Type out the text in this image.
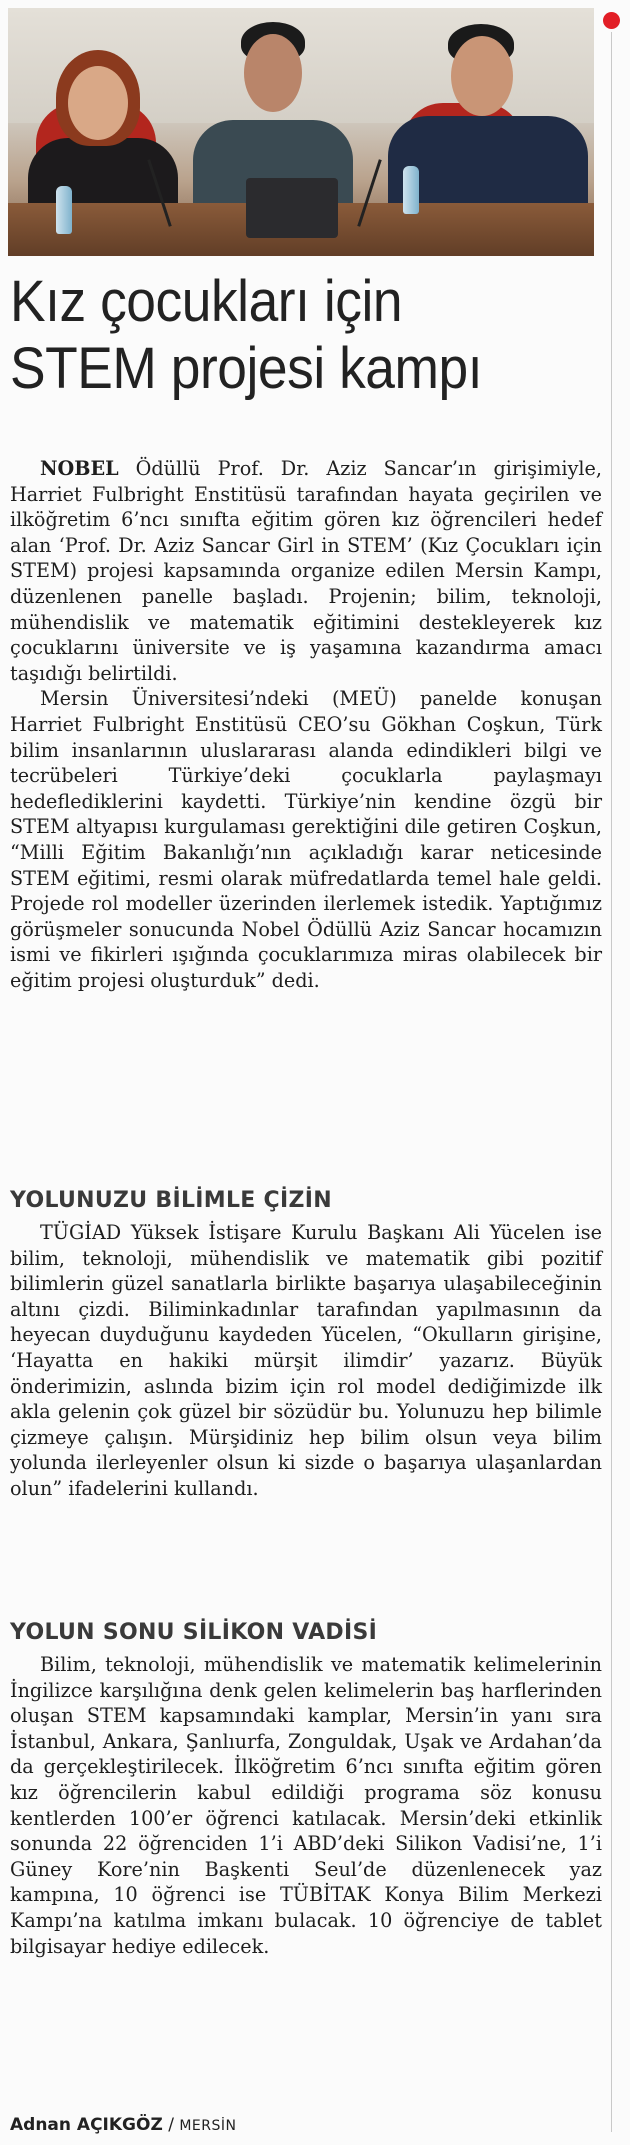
Kız çocukları için
STEM projesi kampı

NOBEL Ödüllü Prof. Dr. Aziz Sancar’ın girişimiyle, Harriet Fulbright Enstitüsü tarafından hayata geçirilen ve ilköğretim 6’ncı sınıfta eğitim gören kız öğrencileri hedef alan ‘Prof. Dr. Aziz Sancar Girl in STEM’ (Kız Çocukları için STEM) projesi kapsamında organize edilen Mersin Kampı, düzenlenen panelle başladı. Projenin; bilim, teknoloji, mühendislik ve matematik eğitimini destekleyerek kız çocuklarını üniversite ve iş yaşamına kazandırma amacı taşıdığı belirtildi.

Mersin Üniversitesi’ndeki (MEÜ) panelde konuşan Harriet Fulbright Enstitüsü CEO’su Gökhan Coşkun, Türk bilim insanlarının uluslararası alanda edindikleri bilgi ve tecrübeleri Türkiye’deki çocuklarla paylaşmayı hedeflediklerini kaydetti. Türkiye’nin kendine özgü bir STEM altyapısı kurgulaması gerektiğini dile getiren Coşkun, “Milli Eğitim Bakanlığı’nın açıkladığı karar neticesinde STEM eğitimi, resmi olarak müfredatlarda temel hale geldi. Projede rol modeller üzerinden ilerlemek istedik. Yaptığımız görüşmeler sonucunda Nobel Ödüllü Aziz Sancar hocamızın ismi ve fikirleri ışığında çocuklarımıza miras olabilecek bir eğitim projesi oluşturduk” dedi.

YOLUNUZU BİLİMLE ÇİZİN

TÜGİAD Yüksek İstişare Kurulu Başkanı Ali Yücelen ise bilim, teknoloji, mühendislik ve matematik gibi pozitif bilimlerin güzel sanatlarla birlikte başarıya ulaşabileceğinin altını çizdi. Biliminkadınlar tarafından yapılmasının da heyecan duyduğunu kaydeden Yücelen, “Okulların girişine, ‘Hayatta en hakiki mürşit ilimdir’ yazarız. Büyük önderimizin, aslında bizim için rol model dediğimizde ilk akla gelenin çok güzel bir sözüdür bu. Yolunuzu hep bilimle çizmeye çalışın. Mürşidiniz hep bilim olsun veya bilim yolunda ilerleyenler olsun ki sizde o başarıya ulaşanlardan olun” ifadelerini kullandı.

YOLUN SONU SİLİKON VADİSİ

Bilim, teknoloji, mühendislik ve matematik kelimelerinin İngilizce karşılığına denk gelen kelimelerin baş harflerinden oluşan STEM kapsamındaki kamplar, Mersin’in yanı sıra İstanbul, Ankara, Şanlıurfa, Zonguldak, Uşak ve Ardahan’da da gerçekleştirilecek. İlköğretim 6’ncı sınıfta eğitim gören kız öğrencilerin kabul edildiği programa söz konusu kentlerden 100’er öğrenci katılacak. Mersin’deki etkinlik sonunda 22 öğrenciden 1’i ABD’deki Silikon Vadisi’ne, 1’i Güney Kore’nin Başkenti Seul’de düzenlenecek yaz kampına, 10 öğrenci ise TÜBİTAK Konya Bilim Merkezi Kampı’na katılma imkanı bulacak. 10 öğrenciye de tablet bilgisayar hediye edilecek.

Adnan AÇIKGÖZ / MERSİN
